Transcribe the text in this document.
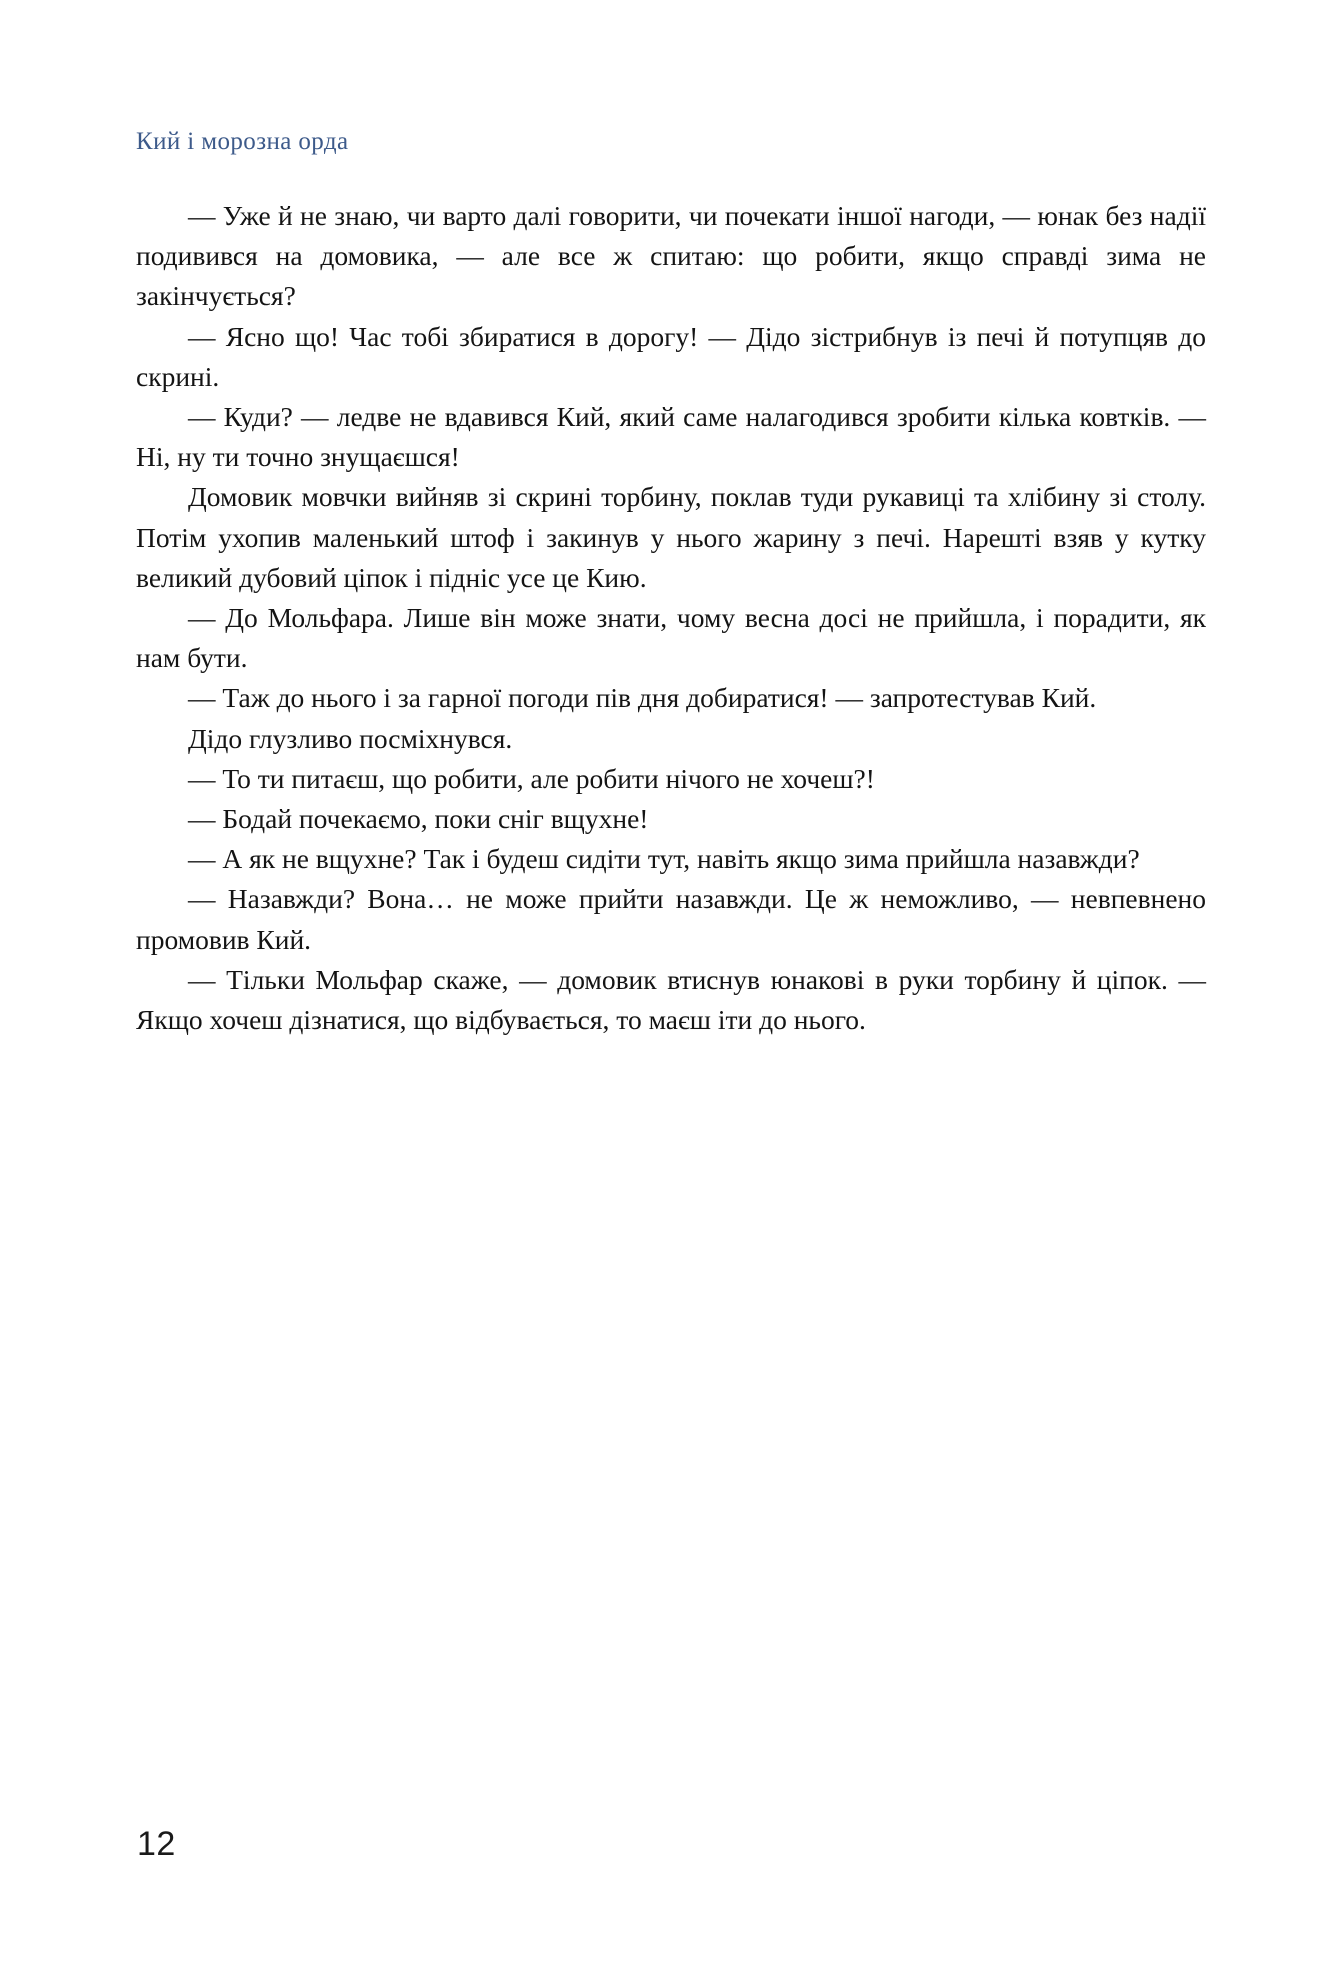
Кий і морозна орда

— Уже й не знаю, чи варто далі говорити, чи почекати іншої нагоди, — юнак без надії подивився на домовика, — але все ж спитаю: що робити, якщо справді зима не закінчується?

— Ясно що! Час тобі збиратися в дорогу! — Дідо зістрибнув із печі й потупцяв до скрині.

— Куди? — ледве не вдавився Кий, який саме налагодився зробити кілька ковтків. — Ні, ну ти точно знущаєшся!

Домовик мовчки вийняв зі скрині торбину, поклав туди рукавиці та хлібину зі столу. Потім ухопив маленький штоф і закинув у нього жарину з печі. Нарешті взяв у кутку великий дубовий ціпок і підніс усе це Кию.

— До Мольфара. Лише він може знати, чому весна досі не прийшла, і порадити, як нам бути.

— Таж до нього і за гарної погоди пів дня добиратися! — запротестував Кий.

Дідо глузливо посміхнувся.

— То ти питаєш, що робити, але робити нічого не хочеш?!

— Бодай почекаємо, поки сніг вщухне!

— А як не вщухне? Так і будеш сидіти тут, навіть якщо зима прийшла назавжди?

— Назавжди? Вона… не може прийти назавжди. Це ж неможливо, — невпевнено промовив Кий.

— Тільки Мольфар скаже, — домовик втиснув юнакові в руки торбину й ціпок. — Якщо хочеш дізнатися, що відбувається, то маєш іти до нього.

12
